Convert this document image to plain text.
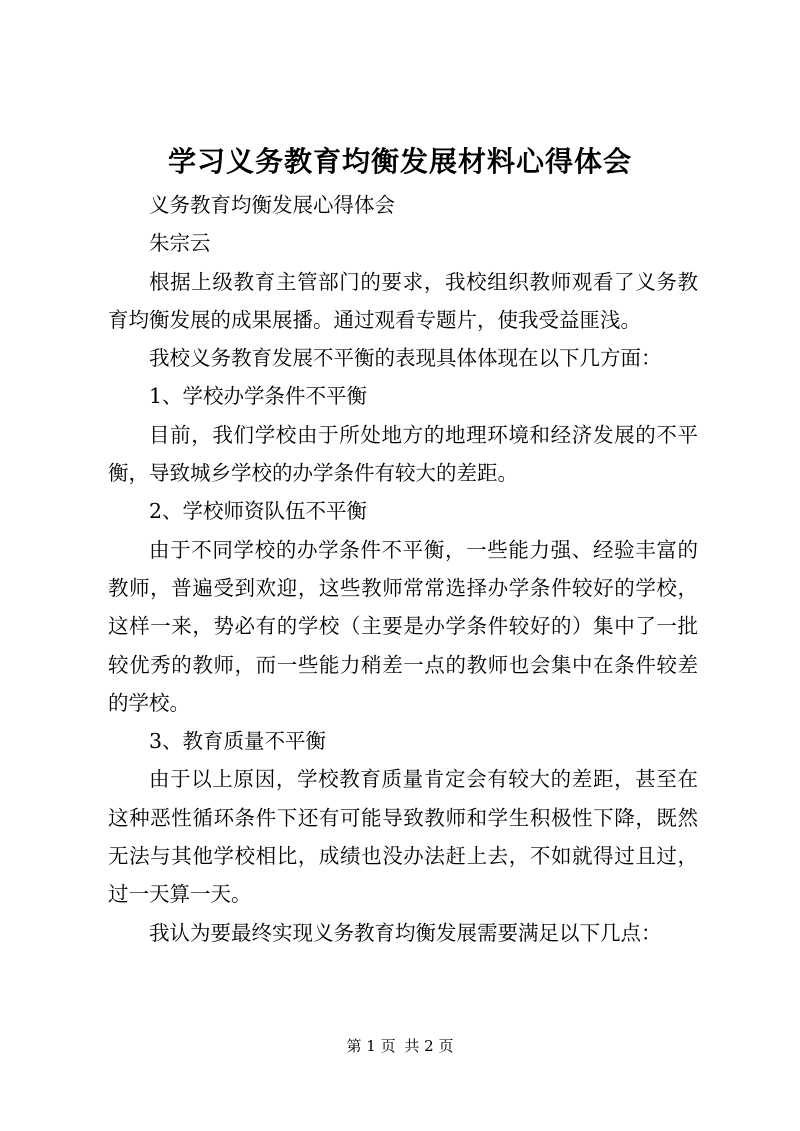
学习义务教育均衡发展材料心得体会

义务教育均衡发展心得体会

朱宗云

根据上级教育主管部门的要求，我校组织教师观看了义务教育均衡发展的成果展播。通过观看专题片，使我受益匪浅。

我校义务教育发展不平衡的表现具体体现在以下几方面：

1、学校办学条件不平衡

目前，我们学校由于所处地方的地理环境和经济发展的不平衡，导致城乡学校的办学条件有较大的差距。

2、学校师资队伍不平衡

由于不同学校的办学条件不平衡，一些能力强、经验丰富的教师，普遍受到欢迎，这些教师常常选择办学条件较好的学校，这样一来，势必有的学校（主要是办学条件较好的）集中了一批较优秀的教师，而一些能力稍差一点的教师也会集中在条件较差的学校。

3、教育质量不平衡

由于以上原因，学校教育质量肯定会有较大的差距，甚至在这种恶性循环条件下还有可能导致教师和学生积极性下降，既然无法与其他学校相比，成绩也没办法赶上去，不如就得过且过，过一天算一天。

我认为要最终实现义务教育均衡发展需要满足以下几点：

第 1 页 共 2 页
